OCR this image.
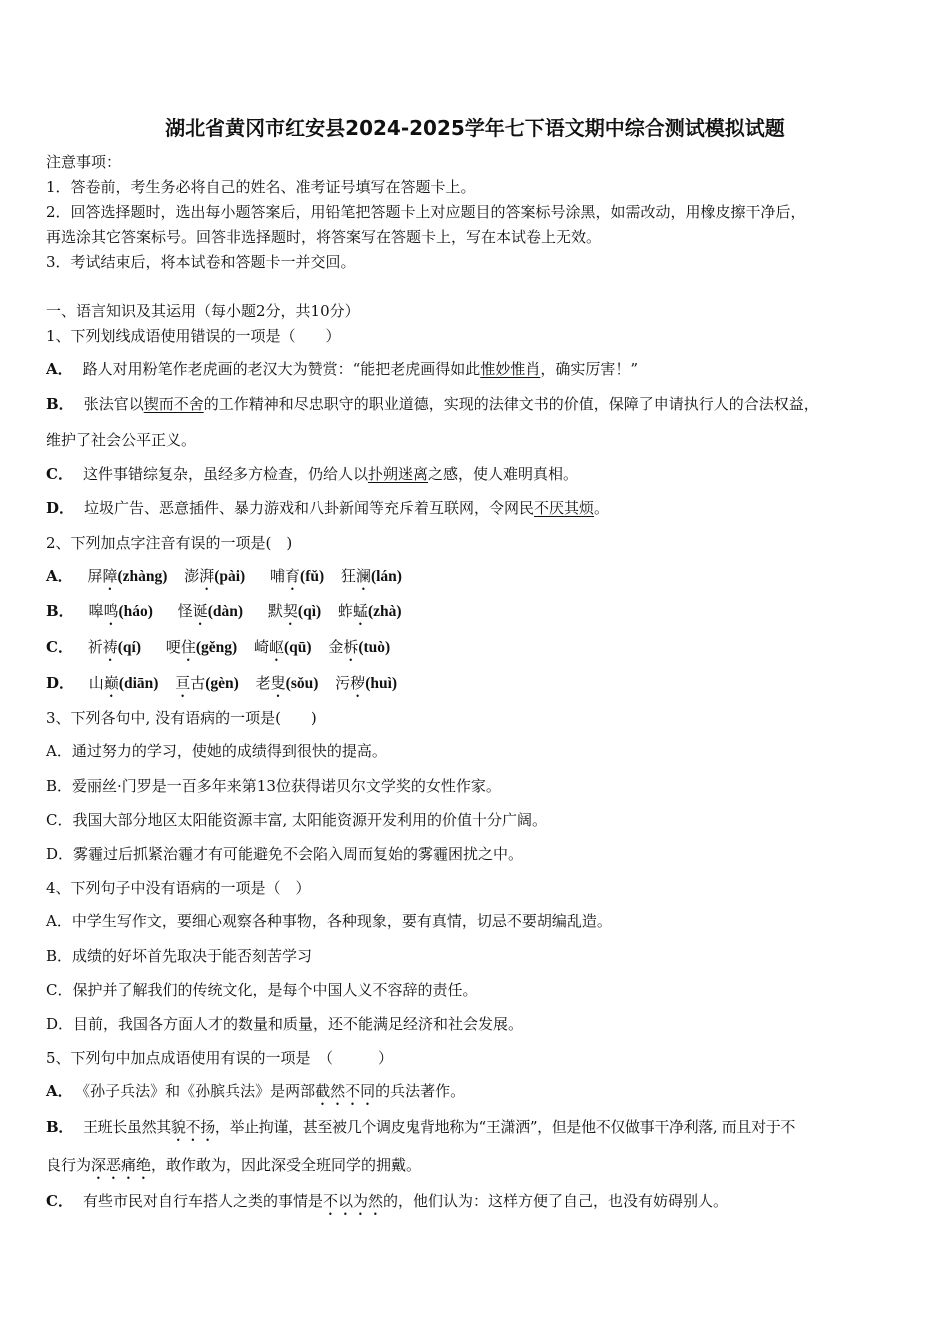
湖北省黄冈市红安县2024-2025学年七下语文期中综合测试模拟试题
注意事项：
1．答卷前，考生务必将自己的姓名、准考证号填写在答题卡上。
2．回答选择题时，选出每小题答案后，用铅笔把答题卡上对应题目的答案标号涂黑，如需改动，用橡皮擦干净后，
再选涂其它答案标号。回答非选择题时，将答案写在答题卡上，写在本试卷上无效。
3．考试结束后，将本试卷和答题卡一并交回。
一、语言知识及其运用（每小题2分，共10分）
1、下列划线成语使用错误的一项是（　　）
A． 路人对用粉笔作老虎画的老汉大为赞赏：“能把老虎画得如此惟妙惟肖，确实厉害！”
B． 张法官以锲而不舍的工作精神和尽忠职守的职业道德，实现的法律文书的价值，保障了申请执行人的合法权益，
维护了社会公平正义。
C． 这件事错综复杂，虽经多方检查，仍给人以扑朔迷离之感，使人难明真相。
D． 垃圾广告、恶意插件、暴力游戏和八卦新闻等充斥着互联网，令网民不厌其烦。
2、下列加点字注音有误的一项是(　)
A． 屏障(zhàng) 澎湃(pài) 哺育(fǔ) 狂澜(lán)
B． 嗥鸣(háo) 怪诞(dàn) 默契(qì) 蚱蜢(zhà)
C． 祈祷(qí) 哽住(gěng) 崎岖(qū) 金柝(tuò)
D． 山巅(diān) 亘古(gèn) 老叟(sǒu) 污秽(huì)
3、下列各句中, 没有语病的一项是(　　)
A．通过努力的学习，使她的成绩得到很快的提高。
B．爱丽丝·门罗是一百多年来第13位获得诺贝尔文学奖的女性作家。
C．我国大部分地区太阳能资源丰富, 太阳能资源开发利用的价值十分广阔。
D．雾霾过后抓紧治霾才有可能避免不会陷入周而复始的雾霾困扰之中。
4、下列句子中没有语病的一项是（　）
A．中学生写作文，要细心观察各种事物，各种现象，要有真情，切忌不要胡编乱造。
B．成绩的好坏首先取决于能否刻苦学习
C．保护并了解我们的传统文化，是每个中国人义不容辞的责任。
D．目前，我国各方面人才的数量和质量，还不能满足经济和社会发展。
5、下列句中加点成语使用有误的一项是　（　　　）
A． 《孙子兵法》和《孙膑兵法》是两部截然不同的兵法著作。
B． 王班长虽然其貌不扬，举止拘谨，甚至被几个调皮鬼背地称为“王潇洒”，但是他不仅做事干净利落, 而且对于不
良行为深恶痛绝，敢作敢为，因此深受全班同学的拥戴。
C． 有些市民对自行车搭人之类的事情是不以为然的，他们认为：这样方便了自己，也没有妨碍别人。
